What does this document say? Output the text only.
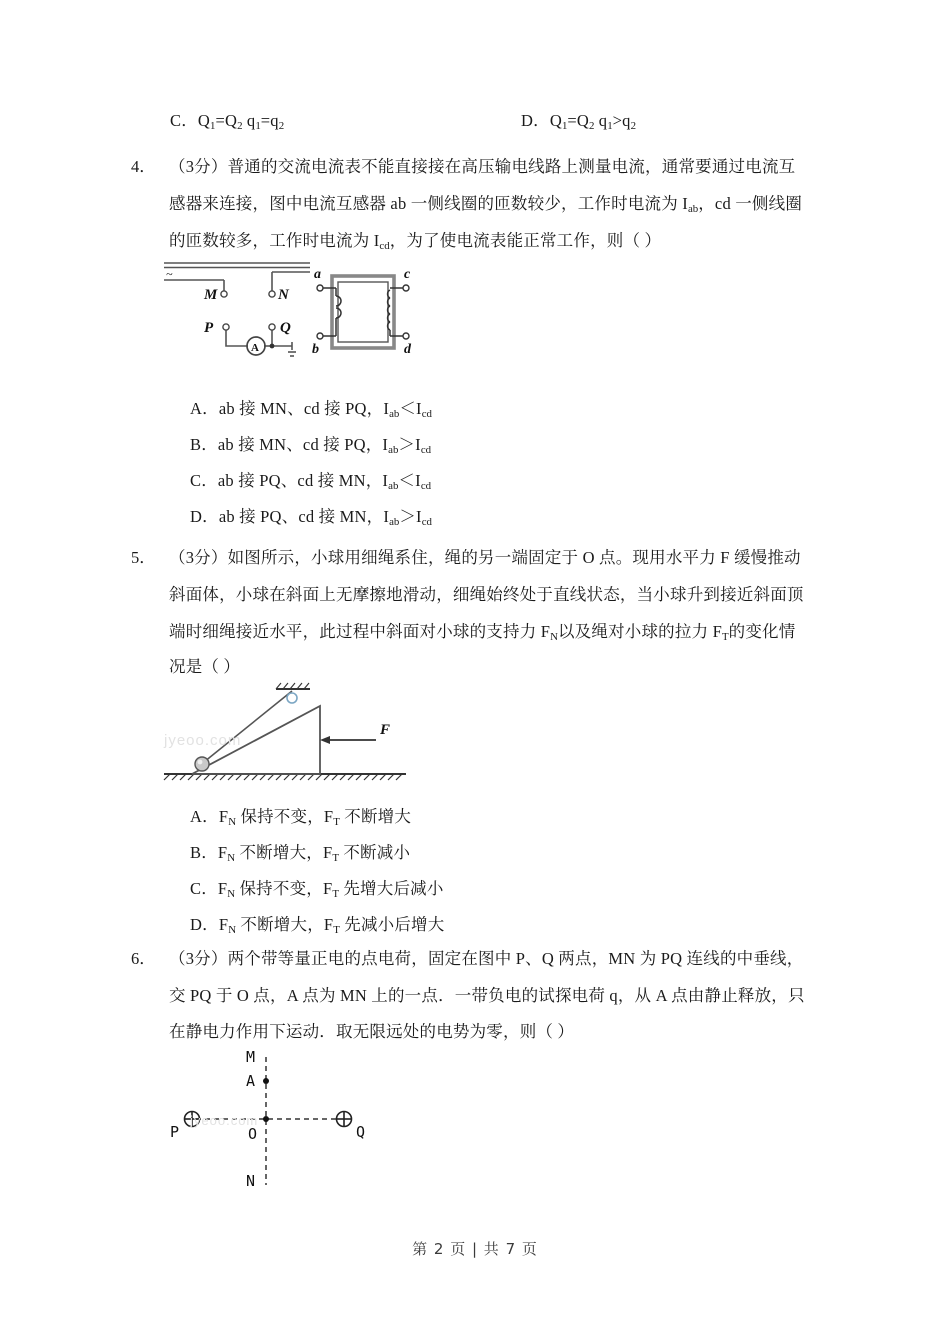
C．$Q_1=Q_2$ $q_1=q_2$	D．$Q_1=Q_2$ $q_1>q_2$
4． （3分）普通的交流电流表不能直接接在高压输电线路上测量电流，通常要通过电流互
感器来连接，图中电流互感器 ab 一侧线圈的匝数较少，工作时电流为 $I_{ab}$，cd 一侧线圈
的匝数较多，工作时电流为 $I_{cd}$，为了使电流表能正常工作，则（ ）
~
M	N
P	Q
A
a
b
c
d
A．ab 接 MN、cd 接 PQ，$I_{ab}<I_{cd}$
B．ab 接 MN、cd 接 PQ，$I_{ab}>I_{cd}$
C．ab 接 PQ、cd 接 MN，$I_{ab}<I_{cd}$
D．ab 接 PQ、cd 接 MN，$I_{ab}>I_{cd}$
5． （3分）如图所示，小球用细绳系住，绳的另一端固定于 O 点。现用水平力 F 缓慢推动
斜面体，小球在斜面上无摩擦地滑动，细绳始终处于直线状态，当小球升到接近斜面顶
端时细绳接近水平，此过程中斜面对小球的支持力 $F_N$以及绳对小球的拉力 $F_T$的变化情
况是（ ）
F
jyeoo.com
A．$F_N$ 保持不变，$F_T$ 不断增大
B．$F_N$ 不断增大，$F_T$ 不断减小
C．$F_N$ 保持不变，$F_T$ 先增大后减小
D．$F_N$ 不断增大，$F_T$ 先减小后增大
6． （3分）两个带等量正电的点电荷，固定在图中 P、Q 两点，MN 为 PQ 连线的中垂线，
交 PQ 于 O 点，A 点为 MN 上的一点．一带负电的试探电荷 q，从 A 点由静止释放，只
在静电力作用下运动．取无限远处的电势为零，则（ ）
M
A
P	O	Q
N
jyeoo.com
第 2 页 | 共 7 页
